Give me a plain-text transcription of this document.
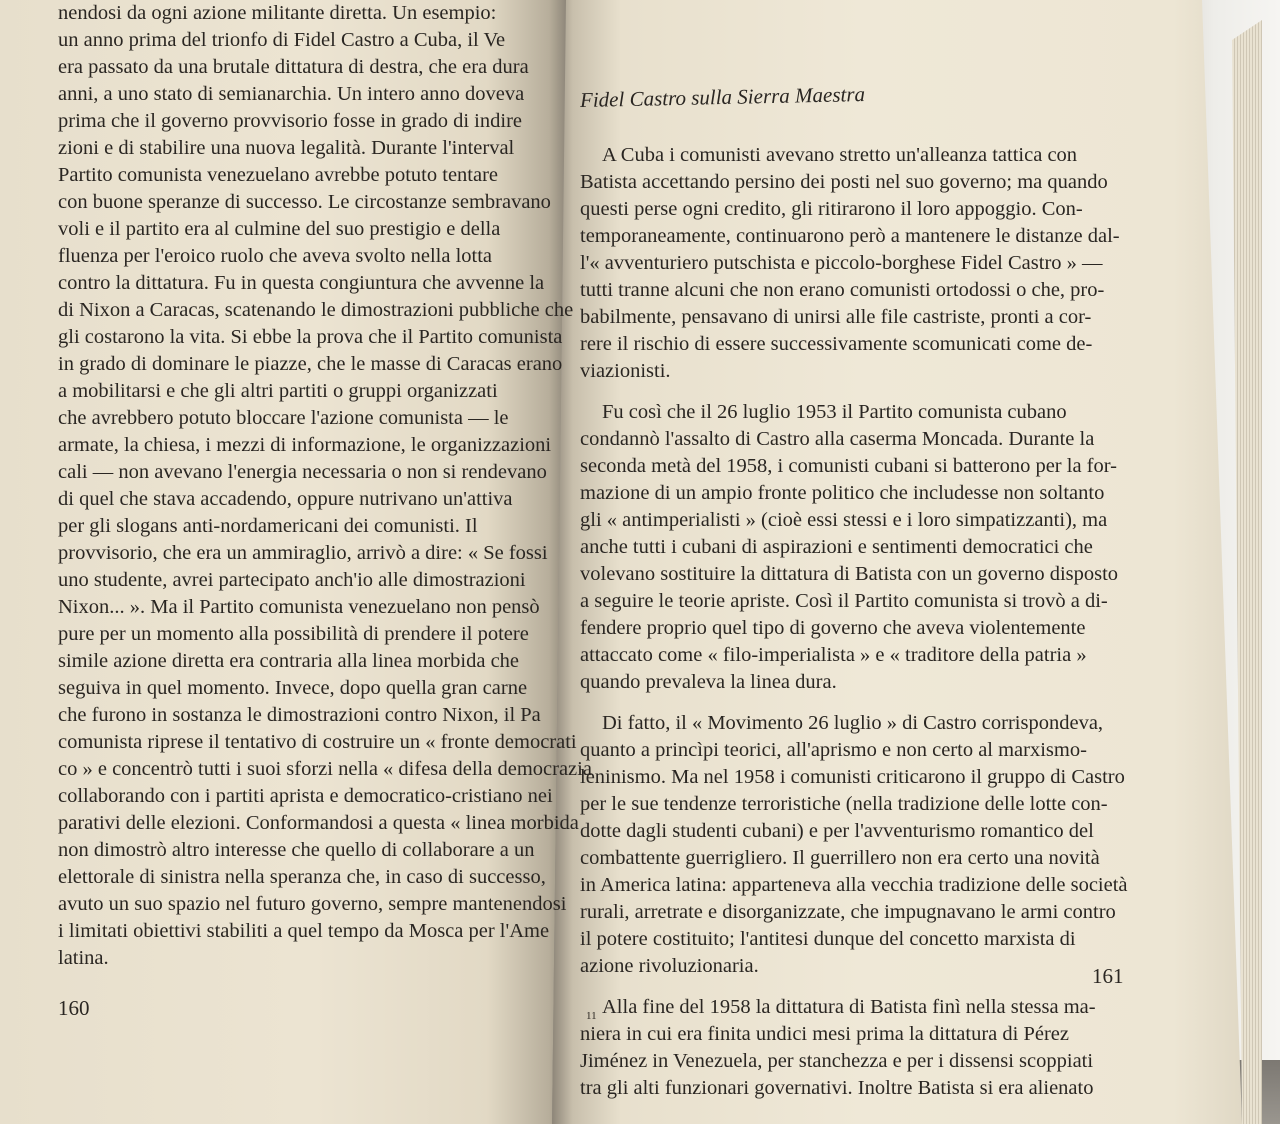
nendosi da ogni azione militante diretta. Un esempio:
un anno prima del trionfo di Fidel Castro a Cuba, il Ve
era passato da una brutale dittatura di destra, che era dura
anni, a uno stato di semianarchia. Un intero anno doveva
prima che il governo provvisorio fosse in grado di indire
zioni e di stabilire una nuova legalità. Durante l'interval
Partito comunista venezuelano avrebbe potuto tentare
con buone speranze di successo. Le circostanze sembravano
voli e il partito era al culmine del suo prestigio e della
fluenza per l'eroico ruolo che aveva svolto nella lotta
contro la dittatura. Fu in questa congiuntura che avvenne la
di Nixon a Caracas, scatenando le dimostrazioni pubbliche che
gli costarono la vita. Si ebbe la prova che il Partito comunista
in grado di dominare le piazze, che le masse di Caracas erano
a mobilitarsi e che gli altri partiti o gruppi organizzati
che avrebbero potuto bloccare l'azione comunista — le
armate, la chiesa, i mezzi di informazione, le organizzazioni
cali — non avevano l'energia necessaria o non si rendevano
di quel che stava accadendo, oppure nutrivano un'attiva
per gli slogans anti-nordamericani dei comunisti. Il
provvisorio, che era un ammiraglio, arrivò a dire: « Se fossi
uno studente, avrei partecipato anch'io alle dimostrazioni
Nixon... ». Ma il Partito comunista venezuelano non pensò
pure per un momento alla possibilità di prendere il potere
simile azione diretta era contraria alla linea morbida che
seguiva in quel momento. Invece, dopo quella gran carne
che furono in sostanza le dimostrazioni contro Nixon, il Pa
comunista riprese il tentativo di costruire un « fronte democrati
co » e concentrò tutti i suoi sforzi nella « difesa della democrazia
collaborando con i partiti aprista e democratico-cristiano nei
parativi delle elezioni. Conformandosi a questa « linea morbida
non dimostrò altro interesse che quello di collaborare a un
elettorale di sinistra nella speranza che, in caso di successo,
avuto un suo spazio nel futuro governo, sempre mantenendosi
i limitati obiettivi stabiliti a quel tempo da Mosca per l'Ame
latina.
Fidel Castro sulla Sierra Maestra
A Cuba i comunisti avevano stretto un'alleanza tattica con
Batista accettando persino dei posti nel suo governo; ma quando
questi perse ogni credito, gli ritirarono il loro appoggio. Con-
temporaneamente, continuarono però a mantenere le distanze dal-
l'« avventuriero putschista e piccolo-borghese Fidel Castro » —
tutti tranne alcuni che non erano comunisti ortodossi o che, pro-
babilmente, pensavano di unirsi alle file castriste, pronti a cor-
rere il rischio di essere successivamente scomunicati come de-
viazionisti.
Fu così che il 26 luglio 1953 il Partito comunista cubano
condannò l'assalto di Castro alla caserma Moncada. Durante la
seconda metà del 1958, i comunisti cubani si batterono per la for-
mazione di un ampio fronte politico che includesse non soltanto
gli « antimperialisti » (cioè essi stessi e i loro simpatizzanti), ma
anche tutti i cubani di aspirazioni e sentimenti democratici che
volevano sostituire la dittatura di Batista con un governo disposto
a seguire le teorie apriste. Così il Partito comunista si trovò a di-
fendere proprio quel tipo di governo che aveva violentemente
attaccato come « filo-imperialista » e « traditore della patria »
quando prevaleva la linea dura.
Di fatto, il « Movimento 26 luglio » di Castro corrispondeva,
quanto a princìpi teorici, all'aprismo e non certo al marxismo-
leninismo. Ma nel 1958 i comunisti criticarono il gruppo di Castro
per le sue tendenze terroristiche (nella tradizione delle lotte con-
dotte dagli studenti cubani) e per l'avventurismo romantico del
combattente guerrigliero. Il guerrillero non era certo una novità
in America latina: apparteneva alla vecchia tradizione delle società
rurali, arretrate e disorganizzate, che impugnavano le armi contro
il potere costituito; l'antitesi dunque del concetto marxista di
azione rivoluzionaria.
Alla fine del 1958 la dittatura di Batista finì nella stessa ma-
niera in cui era finita undici mesi prima la dittatura di Pérez
Jiménez in Venezuela, per stanchezza e per i dissensi scoppiati
tra gli alti funzionari governativi. Inoltre Batista si era alienato
160
161
11
